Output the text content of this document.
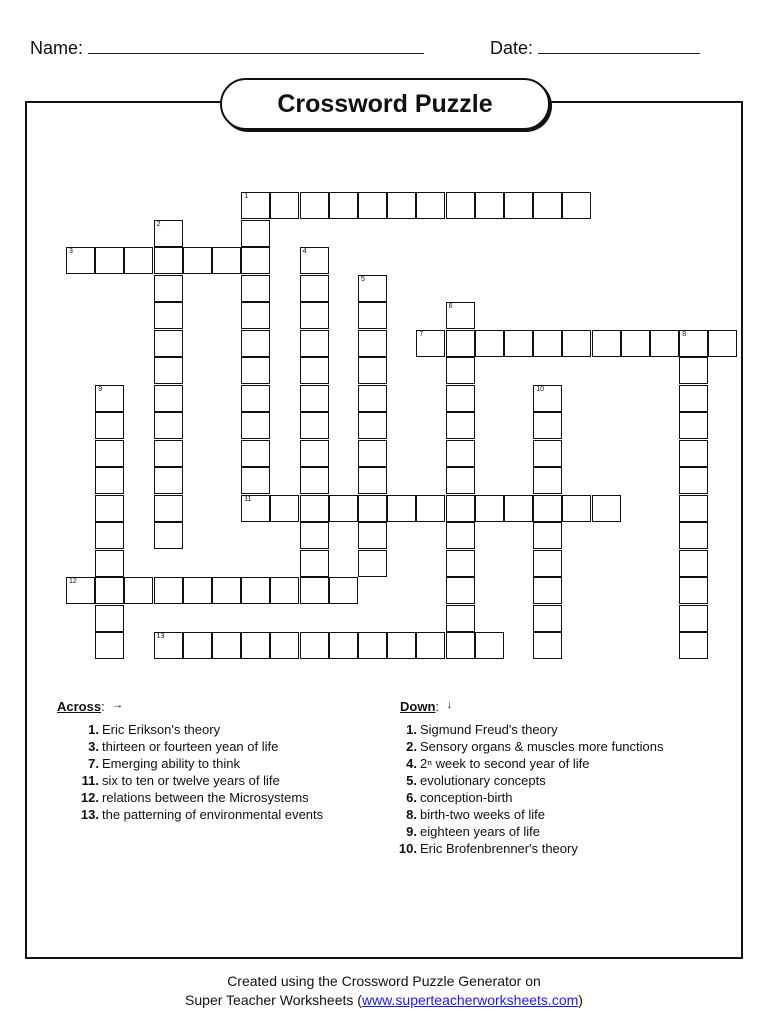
Name:	Date:
Crossword Puzzle
1
3
7	8
11
12
13
2
4
5
6
9	10
Across: →
1. Eric Erikson's theory
3. thirteen or fourteen yean of life
7. Emerging ability to think
11. six to ten or twelve years of life
12. relations between the Microsystems
13. the patterning of environmental events
Down: ↓
1. Sigmund Freud's theory
2. Sensory organs & muscles more functions
4. 2ⁿ week to second year of life
5. evolutionary concepts
6. conception-birth
8. birth-two weeks of life
9. eighteen years of life
10. Eric Brofenbrenner's theory
Created using the Crossword Puzzle Generator on
Super Teacher Worksheets (www.superteacherworksheets.com)
